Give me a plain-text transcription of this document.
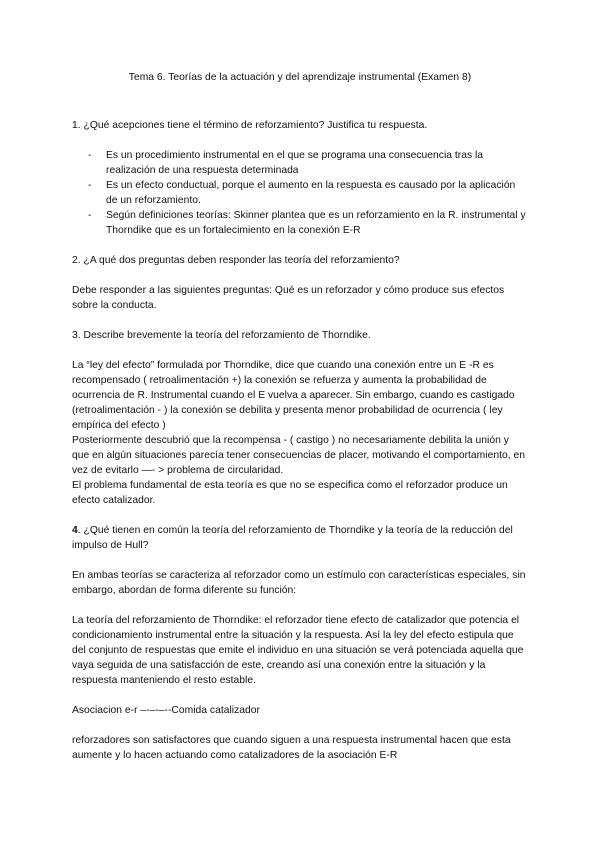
Tema 6. Teorías de la actuación y del aprendizaje instrumental (Examen 8)

1. ¿Qué acepciones tiene el término de reforzamiento? Justifica tu respuesta.

- Es un procedimiento instrumental en el que se programa una consecuencia tras la realización de una respuesta determinada
- Es un efecto conductual, porque el aumento en la respuesta es causado por la aplicación de un reforzamiento.
- Según definiciones teorías: Skinner plantea que es un reforzamiento en la R. instrumental y Thorndike que es un fortalecimiento en la conexión E-R

2. ¿A qué dos preguntas deben responder las teoría del reforzamiento?

Debe responder a las siguientes preguntas: Qué es un reforzador y cómo produce sus efectos sobre la conducta.

3. Describe brevemente la teoría del reforzamiento de Thorndike.

La “ley del efecto” formulada por Thorndike, dice que cuando una conexión entre un E -R es recompensado ( retroalimentación +) la conexión se refuerza y aumenta la probabilidad de ocurrencia de R. Instrumental cuando el E vuelva a aparecer. Sin embargo, cuando es castigado (retroalimentación - ) la conexión se debilita y presenta menor probabilidad de ocurrencia ( ley empírica del efecto )

Posteriormente descubrió que la recompensa - ( castigo ) no necesariamente debilita la unión y que en algún situaciones parecía tener consecuencias de placer, motivando el comportamiento, en vez de evitarlo —- > problema de circularidad.

El problema fundamental de esta teoría es que no se especifica como el reforzador produce un efecto catalizador.

4. ¿Qué tienen en común la teoría del reforzamiento de Thorndike y la teoría de la reducción del impulso de Hull?

En ambas teorías se caracteriza al reforzador como un estímulo con características especiales, sin embargo, abordan de forma diferente su función:

La teoría del reforzamiento de Thorndike: el reforzador tiene efecto de catalizador que potencia el condicionamiento instrumental entre la situación y la respuesta. Así la ley del efecto estipula que del conjunto de respuestas que emite el individuo en una situación se verá potenciada aquella que vaya seguida de una satisfacción de este, creando así una conexión entre la situación y la respuesta manteniendo el resto estable.

Asociacion e-r –-–-–--Comida catalizador

reforzadores son satisfactores que cuando siguen a una respuesta instrumental hacen que esta aumente y lo hacen actuando como catalizadores de la asociación E-R
